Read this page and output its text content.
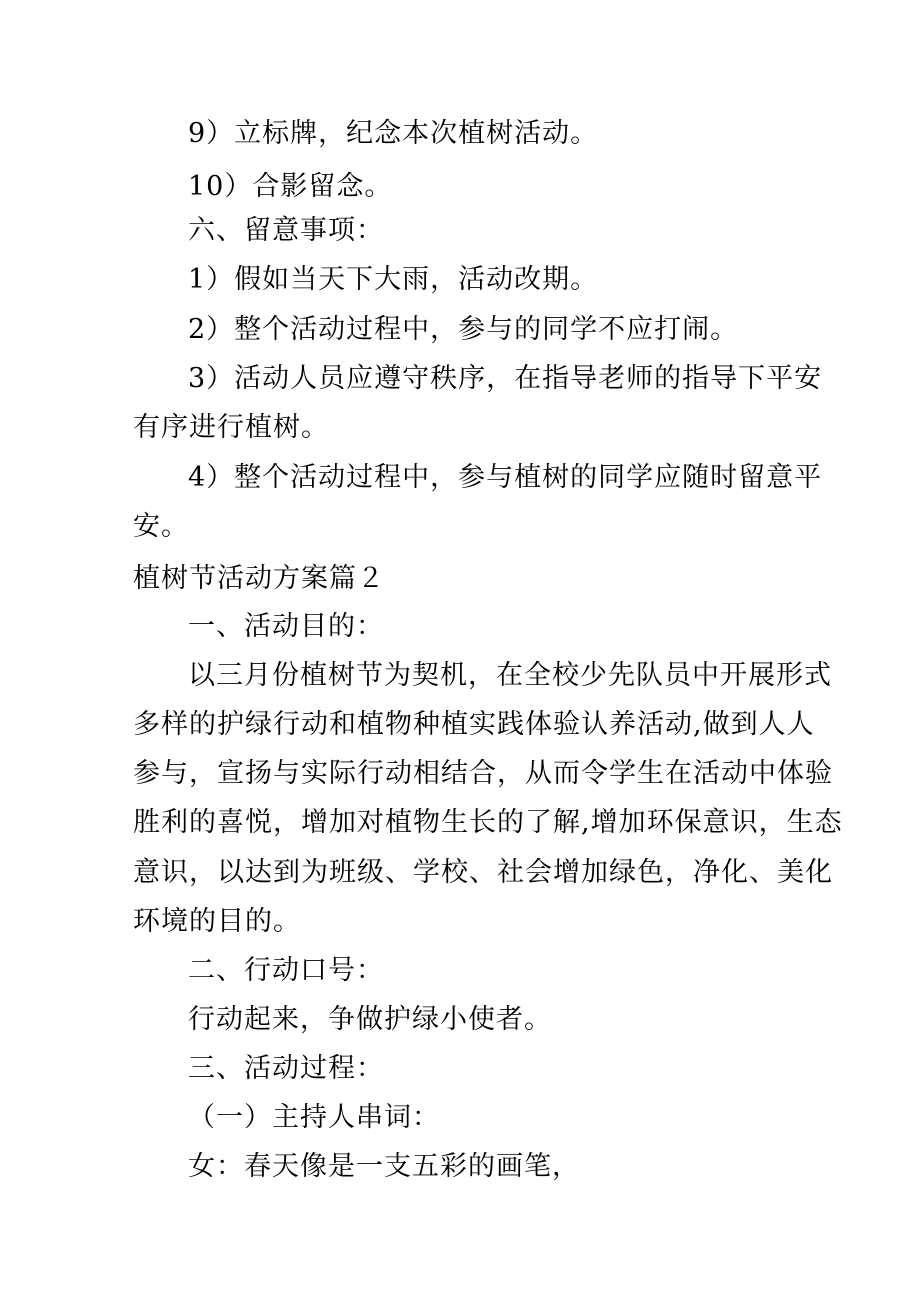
9）立标牌，纪念本次植树活动。
10）合影留念。
六、留意事项：
1）假如当天下大雨，活动改期。
2）整个活动过程中，参与的同学不应打闹。
3）活动人员应遵守秩序，在指导老师的指导下平安
有序进行植树。
4）整个活动过程中，参与植树的同学应随时留意平
安。
植树节活动方案篇２
一、活动目的：
以三月份植树节为契机，在全校少先队员中开展形式
多样的护绿行动和植物种植实践体验认养活动,做到人人
参与，宣扬与实际行动相结合，从而令学生在活动中体验
胜利的喜悦，增加对植物生长的了解,增加环保意识，生态
意识，以达到为班级、学校、社会增加绿色，净化、美化
环境的目的。
二、行动口号：
行动起来，争做护绿小使者。
三、活动过程：
（一）主持人串词：
女：春天像是一支五彩的画笔，
